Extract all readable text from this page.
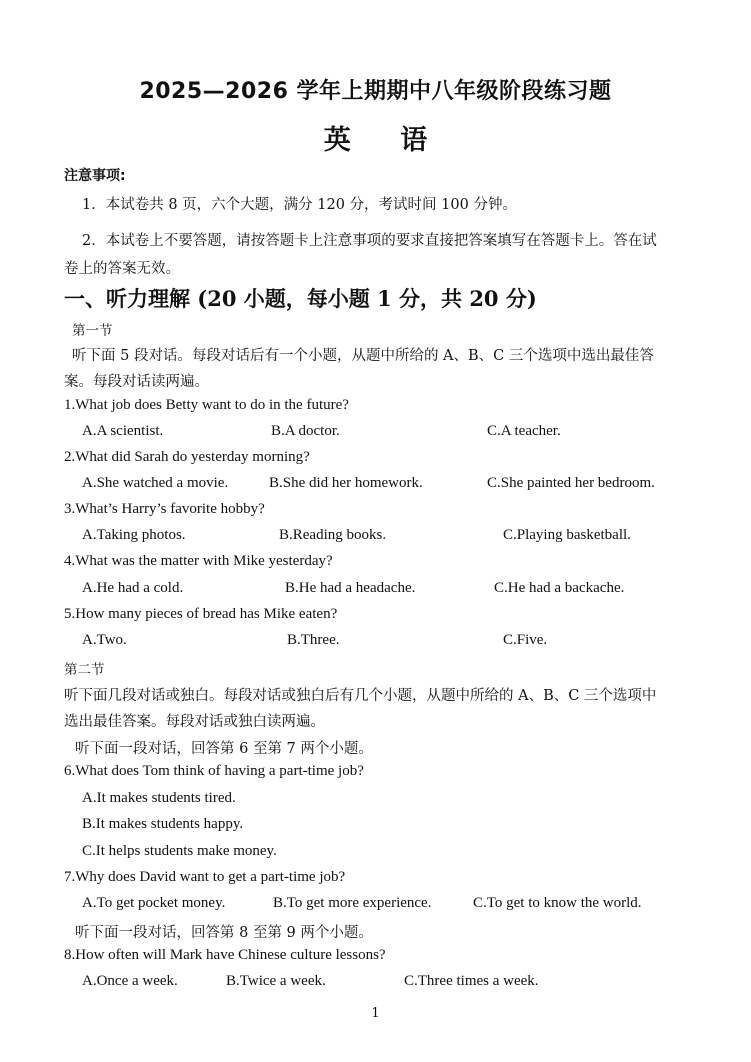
2025—2026 学年上期期中八年级阶段练习题
英 语
注意事项:
1．本试卷共 8 页，六个大题，满分 120 分，考试时间 100 分钟。
2．本试卷上不要答题，请按答题卡上注意事项的要求直接把答案填写在答题卡上。答在试
卷上的答案无效。
一、听力理解 (20 小题，每小题 1 分，共 20 分)
第一节
听下面 5 段对话。每段对话后有一个小题，从题中所给的 A、B、C 三个选项中选出最佳答
案。每段对话读两遍。
1.What job does Betty want to do in the future?
A.A scientist.	B.A doctor.	C.A teacher.
2.What did Sarah do yesterday morning?
A.She watched a movie.	B.She did her homework.	C.She painted her bedroom.
3.What’s Harry’s favorite hobby?
A.Taking photos.	B.Reading books.	C.Playing basketball.
4.What was the matter with Mike yesterday?
A.He had a cold.	B.He had a headache.	C.He had a backache.
5.How many pieces of bread has Mike eaten?
A.Two.	B.Three.	C.Five.
第二节
听下面几段对话或独白。每段对话或独白后有几个小题，从题中所给的 A、B、C 三个选项中
选出最佳答案。每段对话或独白读两遍。
听下面一段对话，回答第 6 至第 7 两个小题。
6.What does Tom think of having a part-time job?
A.It makes students tired.
B.It makes students happy.
C.It helps students make money.
7.Why does David want to get a part-time job?
A.To get pocket money.	B.To get more experience.	C.To get to know the world.
听下面一段对话，回答第 8 至第 9 两个小题。
8.How often will Mark have Chinese culture lessons?
A.Once a week.	B.Twice a week.	C.Three times a week.
1
